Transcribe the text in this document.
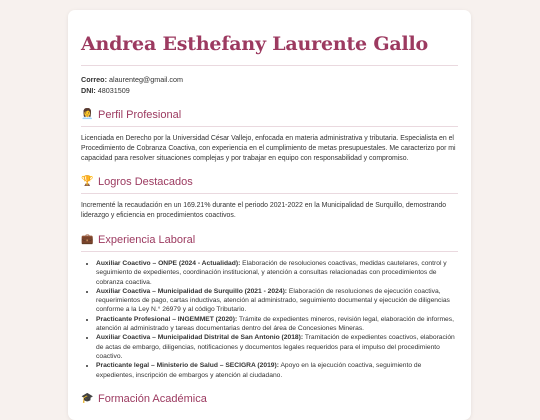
Andrea Esthefany Laurente Gallo
Correo: alaurenteg@gmail.com
DNI: 48031509
👩‍💼 Perfil Profesional

Licenciada en Derecho por la Universidad César Vallejo, enfocada en materia administrativa y tributaria. Especialista en el Procedimiento de Cobranza Coactiva, con experiencia en el cumplimiento de metas presupuestales. Me caracterizo por mi capacidad para resolver situaciones complejas y por trabajar en equipo con responsabilidad y compromiso.

🏆 Logros Destacados

Incrementé la recaudación en un 169.21% durante el periodo 2021-2022 en la Municipalidad de Surquillo, demostrando liderazgo y eficiencia en procedimientos coactivos.

💼 Experiencia Laboral
• Auxiliar Coactivo – ONPE (2024 - Actualidad): Elaboración de resoluciones coactivas, medidas cautelares, control y seguimiento de expedientes, coordinación institucional, y atención a consultas relacionadas con procedimientos de cobranza coactiva.
• Auxiliar Coactiva – Municipalidad de Surquillo (2021 - 2024): Elaboración de resoluciones de ejecución coactiva, requerimientos de pago, cartas inductivas, atención al administrado, seguimiento documental y ejecución de diligencias conforme a la Ley N.° 26979 y al código Tributario.
• Practicante Profesional – INGEMMET (2020): Trámite de expedientes mineros, revisión legal, elaboración de informes, atención al administrado y tareas documentarias dentro del área de Concesiones Mineras.
• Auxiliar Coactiva – Municipalidad Distrital de San Antonio (2018): Tramitación de expedientes coactivos, elaboración de actas de embargo, diligencias, notificaciones y documentos legales requeridos para el impulso del procedimiento coactivo.
• Practicante legal – Ministerio de Salud – SECIGRA (2019): Apoyo en la ejecución coactiva, seguimiento de expedientes, inscripción de embargos y atención al ciudadano.
🎓 Formación Académica
